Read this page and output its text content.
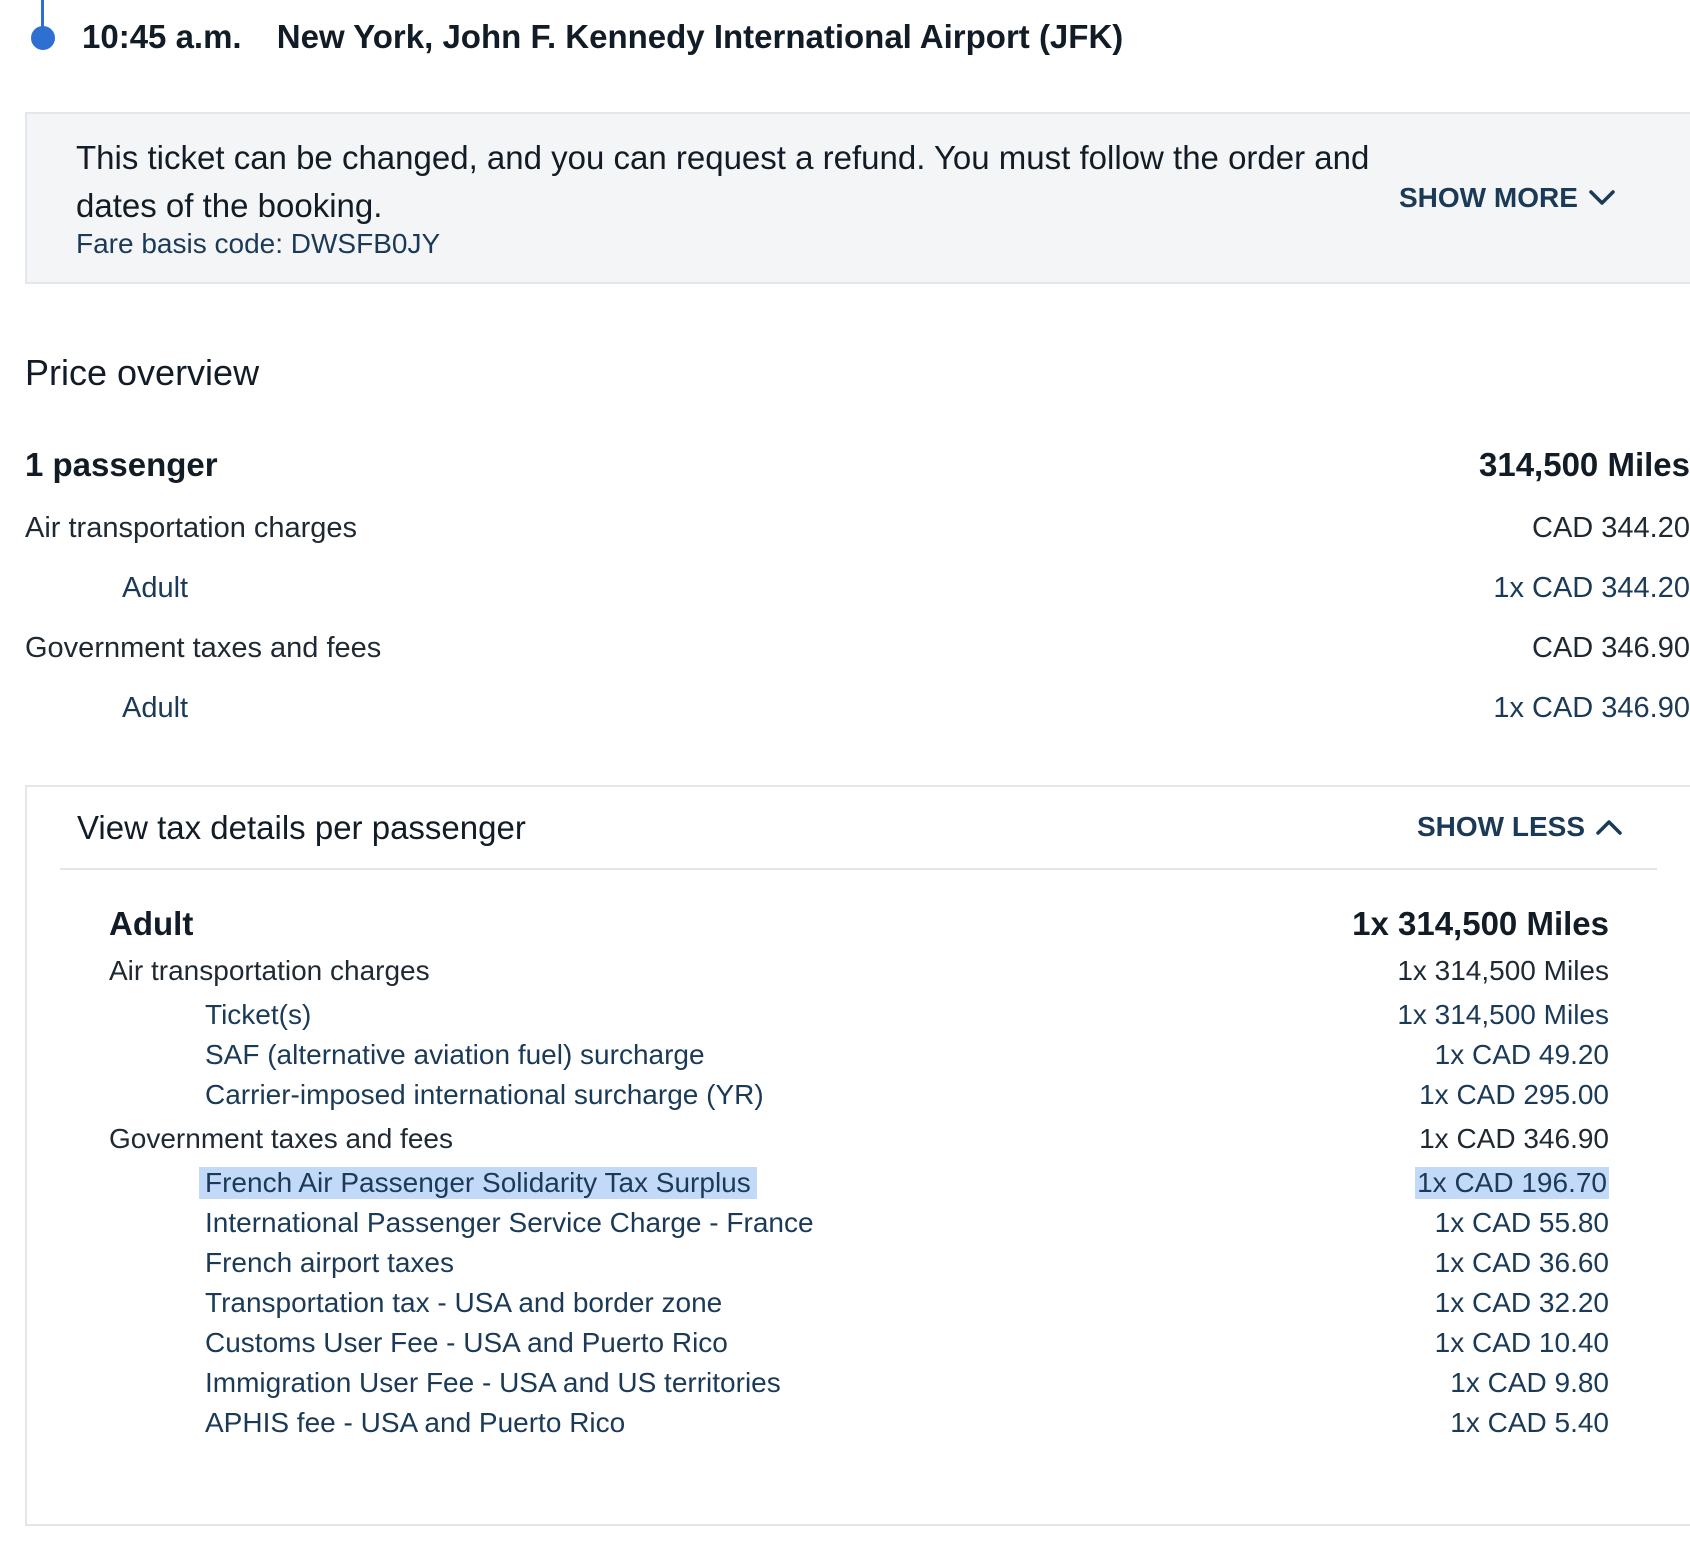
10:45 a.m. New York, John F. Kennedy International Airport (JFK)
This ticket can be changed, and you can request a refund. You must follow the order and dates of the booking.
Fare basis code: DWSFB0JY
SHOW MORE
Price overview
1 passenger	314,500 Miles
Air transportation charges	CAD 344.20
Adult	1x CAD 344.20
Government taxes and fees	CAD 346.90
Adult	1x CAD 346.90
View tax details per passenger	SHOW LESS
Adult	1x 314,500 Miles
Air transportation charges	1x 314,500 Miles
Ticket(s)	1x 314,500 Miles
SAF (alternative aviation fuel) surcharge	1x CAD 49.20
Carrier-imposed international surcharge (YR)	1x CAD 295.00
Government taxes and fees	1x CAD 346.90
French Air Passenger Solidarity Tax Surplus	1x CAD 196.70
International Passenger Service Charge - France	1x CAD 55.80
French airport taxes	1x CAD 36.60
Transportation tax - USA and border zone	1x CAD 32.20
Customs User Fee - USA and Puerto Rico	1x CAD 10.40
Immigration User Fee - USA and US territories	1x CAD 9.80
APHIS fee - USA and Puerto Rico	1x CAD 5.40
